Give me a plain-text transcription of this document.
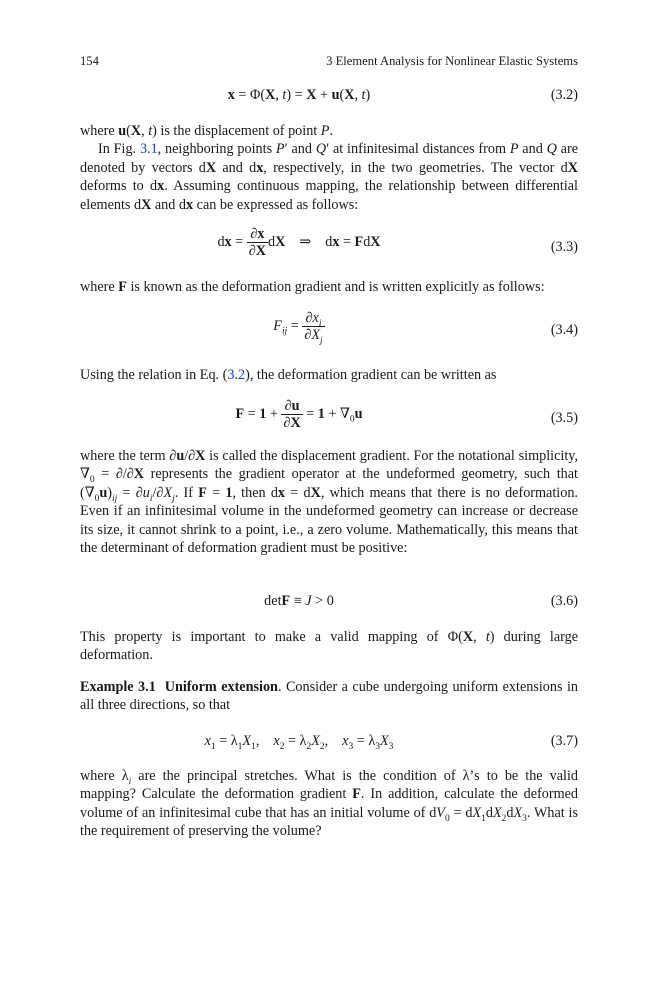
154	3 Element Analysis for Nonlinear Elastic Systems
x = Φ(X, t) = X + u(X, t)	(3.2)

where u(X, t) is the displacement of point P.

In Fig. 3.1, neighboring points P′ and Q′ at infinitesimal distances from P and Q are denoted by vectors dX and dx, respectively, in the two geometries. The vector dX deforms to dx. Assuming continuous mapping, the relationship between differential elements dX and dx can be expressed as follows:

dx = $\frac{\partial x}{\partial X}$ dX ⇒ dx = FdX	(3.3)

where F is known as the deformation gradient and is written explicitly as follows:

$F_{ij} = \frac{\partial x_i}{\partial X_j}$	(3.4)

Using the relation in Eq. (3.2), the deformation gradient can be written as

$F = 1 + \frac{\partial u}{\partial X} = 1 + \nabla_0u$	(3.5)

where the term ∂u/∂X is called the displacement gradient. For the notational simplicity, $\nabla_0 = \partial/\partial X$ represents the gradient operator at the undeformed geometry, such that $(\nabla_0u)_{ij} = \partial u_i/\partial X_j$. If F = 1, then dx = dX, which means that there is no deformation. Even if an infinitesimal volume in the undeformed geometry can increase or decrease its size, it cannot shrink to a point, i.e., a zero volume. Mathematically, this means that the determinant of deformation gradient must be positive:

detF ≡ J > 0	(3.6)

This property is important to make a valid mapping of Φ(X, t) during large deformation.

Example 3.1 Uniform extension. Consider a cube undergoing uniform extensions in all three directions, so that

$x_1 = \lambda_1X_1$, $x_2 = \lambda_2X_2$, $x_3 = \lambda_3X_3$	(3.7)

where $\lambda_i$ are the principal stretches. What is the condition of λ’s to be the valid mapping? Calculate the deformation gradient F. In addition, calculate the deformed volume of an infinitesimal cube that has an initial volume of $dV_0 = dX_1dX_2dX_3$. What is the requirement of preserving the volume?
